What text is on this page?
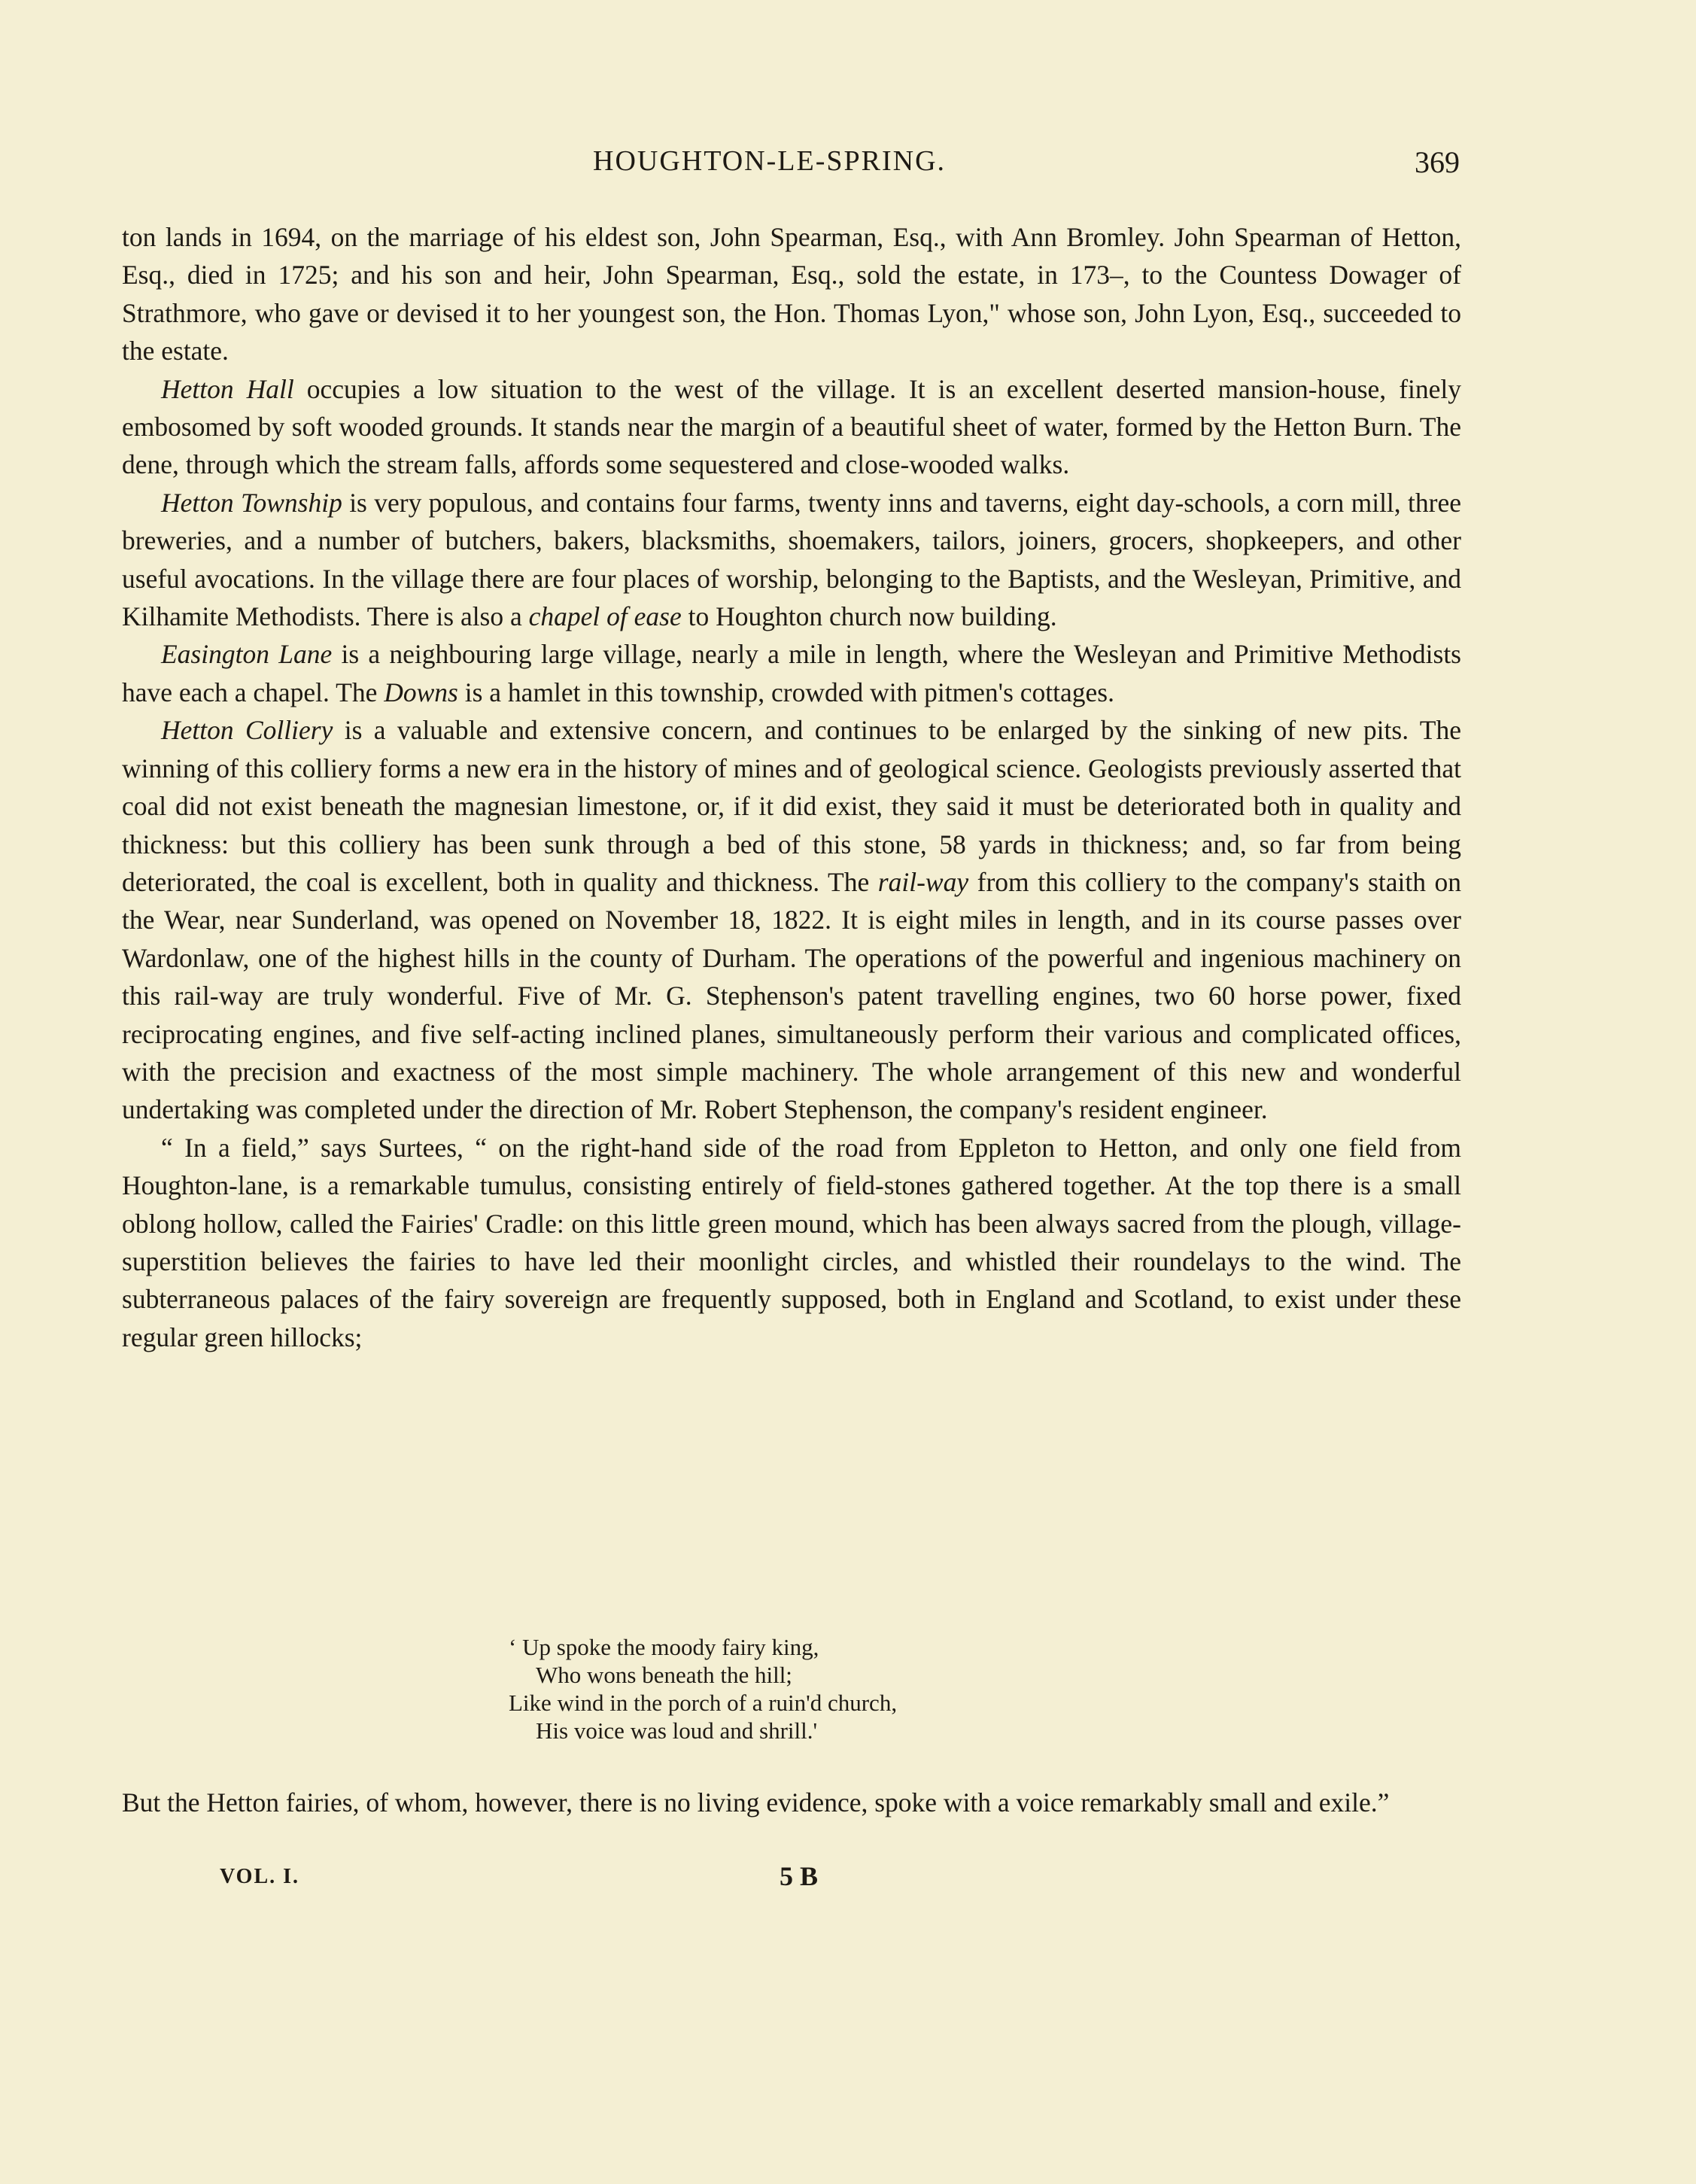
HOUGHTON-LE-SPRING.	369

ton lands in 1694, on the marriage of his eldest son, John Spearman, Esq., with Ann Bromley. John Spearman of Hetton, Esq., died in 1725; and his son and heir, John Spearman, Esq., sold the estate, in 173–, to the Countess Dowager of Strathmore, who gave or devised it to her youngest son, the Hon. Thomas Lyon," whose son, John Lyon, Esq., succeeded to the estate.

Hetton Hall occupies a low situation to the west of the village. It is an excellent deserted mansion-house, finely embosomed by soft wooded grounds. It stands near the margin of a beautiful sheet of water, formed by the Hetton Burn. The dene, through which the stream falls, affords some sequestered and close-wooded walks.

Hetton Township is very populous, and contains four farms, twenty inns and taverns, eight day-schools, a corn mill, three breweries, and a number of butchers, bakers, blacksmiths, shoemakers, tailors, joiners, grocers, shopkeepers, and other useful avocations. In the village there are four places of worship, belonging to the Baptists, and the Wesleyan, Primitive, and Kilhamite Methodists. There is also a chapel of ease to Houghton church now building.

Easington Lane is a neighbouring large village, nearly a mile in length, where the Wesleyan and Primitive Methodists have each a chapel. The Downs is a hamlet in this township, crowded with pitmen's cottages.

Hetton Colliery is a valuable and extensive concern, and continues to be enlarged by the sinking of new pits. The winning of this colliery forms a new era in the history of mines and of geological science. Geologists previously asserted that coal did not exist beneath the magnesian limestone, or, if it did exist, they said it must be deteriorated both in quality and thickness: but this colliery has been sunk through a bed of this stone, 58 yards in thickness; and, so far from being deteriorated, the coal is excellent, both in quality and thickness. The rail-way from this colliery to the company's staith on the Wear, near Sunderland, was opened on November 18, 1822. It is eight miles in length, and in its course passes over Wardonlaw, one of the highest hills in the county of Durham. The operations of the powerful and ingenious machinery on this rail-way are truly wonderful. Five of Mr. G. Stephenson's patent travelling engines, two 60 horse power, fixed reciprocating engines, and five self-acting inclined planes, simultaneously perform their various and complicated offices, with the precision and exactness of the most simple machinery. The whole arrangement of this new and wonderful undertaking was completed under the direction of Mr. Robert Stephenson, the company's resident engineer.

“ In a field,” says Surtees, “ on the right-hand side of the road from Eppleton to Hetton, and only one field from Houghton-lane, is a remarkable tumulus, consisting entirely of field-stones gathered together. At the top there is a small oblong hollow, called the Fairies' Cradle: on this little green mound, which has been always sacred from the plough, village-superstition believes the fairies to have led their moonlight circles, and whistled their roundelays to the wind. The subterraneous palaces of the fairy sovereign are frequently supposed, both in England and Scotland, to exist under these regular green hillocks;

‘ Up spoke the moody fairy king,
Who wons beneath the hill;
Like wind in the porch of a ruin'd church,
His voice was loud and shrill.'

But the Hetton fairies, of whom, however, there is no living evidence, spoke with a voice remarkably small and exile.”

VOL. I.	5 B
